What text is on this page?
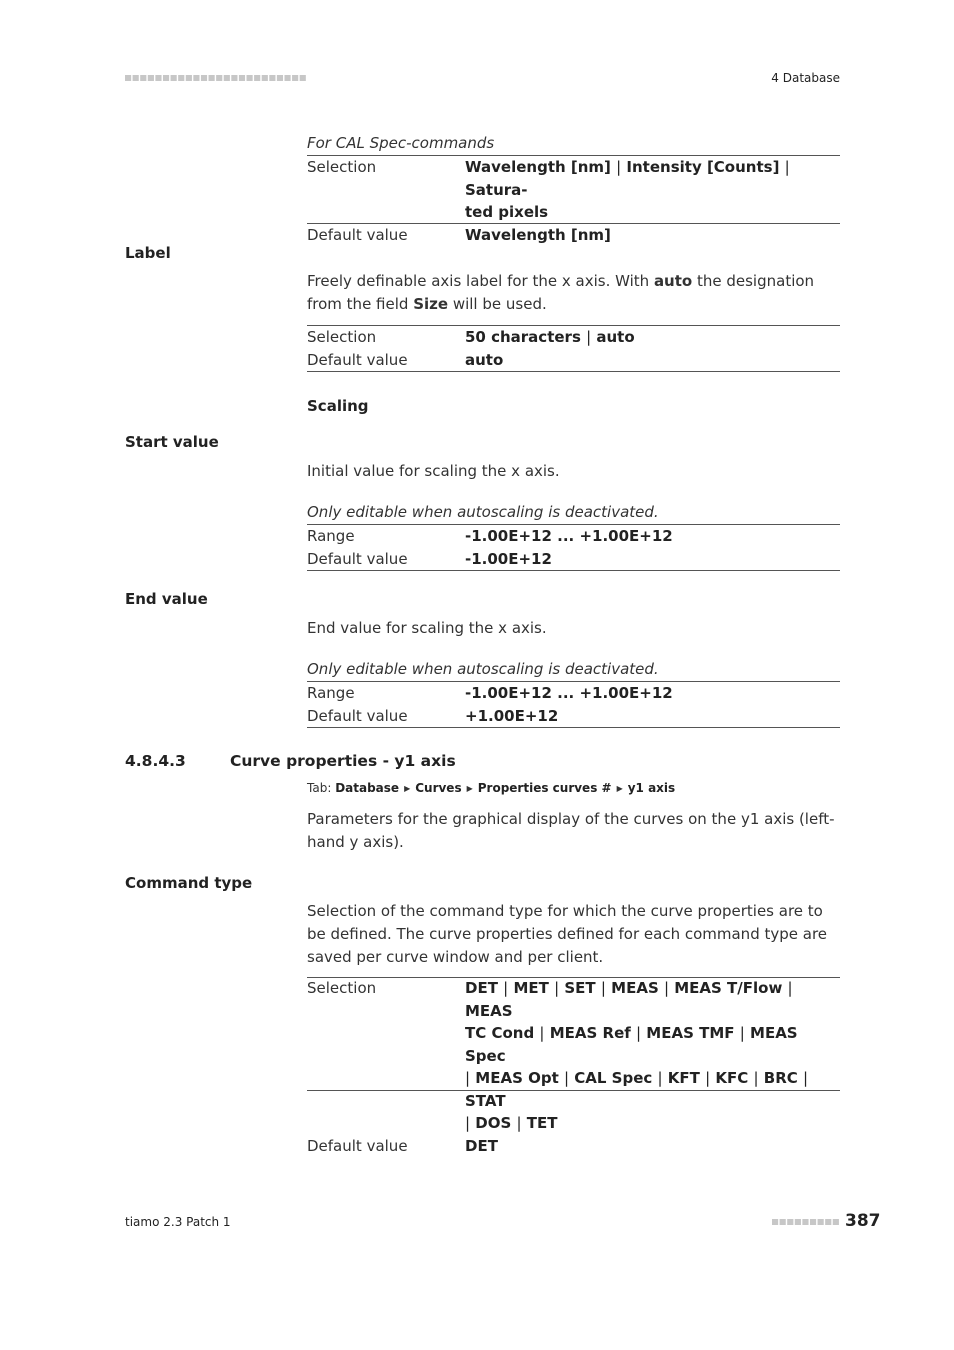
4 Database
For CAL Spec-commands
Selection	Wavelength [nm] | Intensity [Counts] | Satura-
ted pixels
Default value	Wavelength [nm]
Label
Freely definable axis label for the x axis. With auto the designation from the field Size will be used.
Selection	50 characters | auto
Default value	auto
Scaling
Start value
Initial value for scaling the x axis.
Only editable when autoscaling is deactivated.
Range	-1.00E+12 ... +1.00E+12
Default value	-1.00E+12
End value
End value for scaling the x axis.
Only editable when autoscaling is deactivated.
Range	-1.00E+12 ... +1.00E+12
Default value	+1.00E+12
4.8.4.3	Curve properties - y1 axis
Tab: Database ▶ Curves ▶ Properties curves # ▶ y1 axis
Parameters for the graphical display of the curves on the y1 axis (left-hand y axis).
Command type
Selection of the command type for which the curve properties are to be defined. The curve properties defined for each command type are saved per curve window and per client.
Selection	DET | MET | SET | MEAS | MEAS T/Flow | MEAS
TC Cond | MEAS Ref | MEAS TMF | MEAS Spec
| MEAS Opt | CAL Spec | KFT | KFC | BRC | STAT
| DOS | TET
Default value	DET
tiamo 2.3 Patch 1	387
